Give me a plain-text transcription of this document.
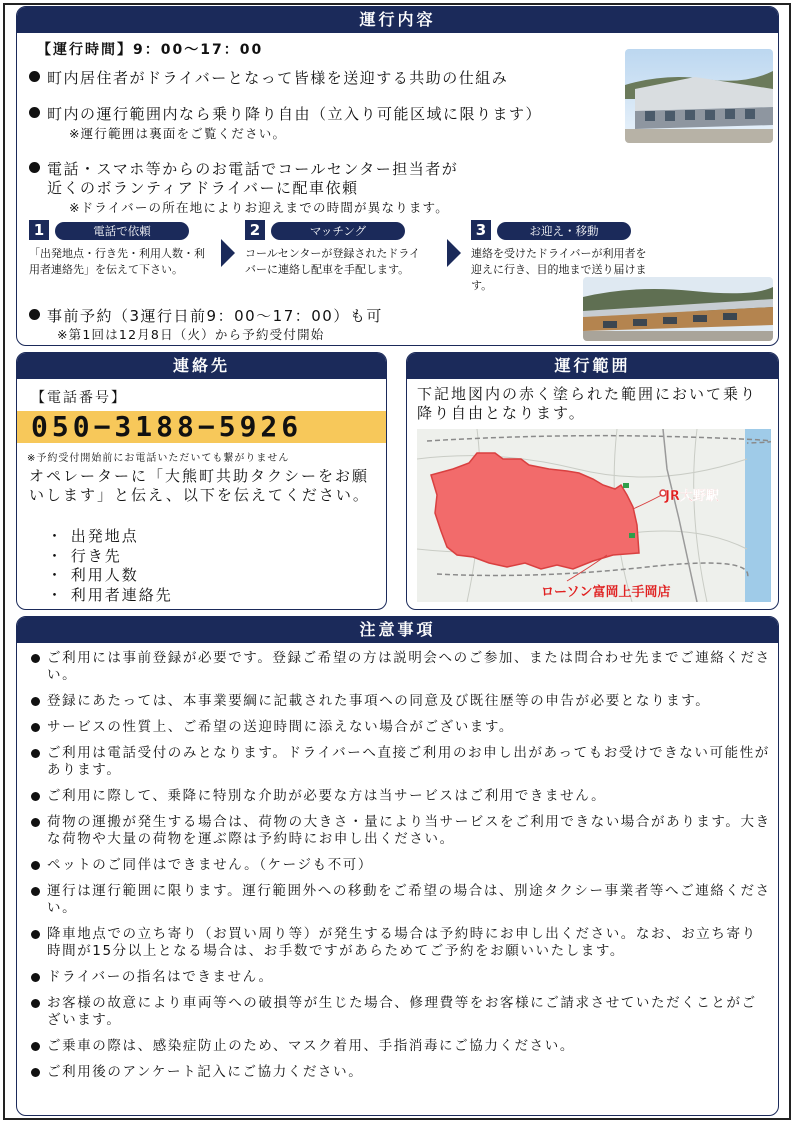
運行内容
【運行時間】9：00～17：00
町内居住者がドライバーとなって皆様を送迎する共助の仕組み
町内の運行範囲内なら乗り降り自由（立入り可能区域に限ります）
※運行範囲は裏面をご覧ください。
電話・スマホ等からのお電話でコールセンター担当者が
近くのボランティアドライバーに配車依頼
※ドライバーの所在地によりお迎えまでの時間が異なります。
1	電話で依頼
「出発地点・行き先・利用人数・利用者連絡先」を伝えて下さい。
2	マッチング
コールセンターが登録されたドライバーに連絡し配車を手配します。
3	お迎え・移動
連絡を受けたドライバーが利用者を迎えに行き、目的地まで送り届けます。
事前予約（3運行日前9：00～17：00）も可
※第1回は12月8日（火）から予約受付開始
連絡先
【電話番号】
050−3188−5926
※予約受付開始前にお電話いただいても繋がりません
オペレーターに「大熊町共助タクシーをお願いします」と伝え、以下を伝えてください。
・ 出発地点
・ 行き先
・ 利用人数
・ 利用者連絡先
運行範囲
下記地図内の赤く塗られた範囲において乗り降り自由となります。
JR大野駅
ローソン富岡上手岡店
注意事項
ご利用には事前登録が必要です。登録ご希望の方は説明会へのご参加、または問合わせ先までご連絡ください。
登録にあたっては、本事業要綱に記載された事項への同意及び既往歴等の申告が必要となります。
サービスの性質上、ご希望の送迎時間に添えない場合がございます。
ご利用は電話受付のみとなります。ドライバーへ直接ご利用のお申し出があってもお受けできない可能性があります。
ご利用に際して、乗降に特別な介助が必要な方は当サービスはご利用できません。
荷物の運搬が発生する場合は、荷物の大きさ・量により当サービスをご利用できない場合があります。大きな荷物や大量の荷物を運ぶ際は予約時にお申し出ください。
ペットのご同伴はできません。（ケージも不可）
運行は運行範囲に限ります。運行範囲外への移動をご希望の場合は、別途タクシー事業者等へご連絡ください。
降車地点での立ち寄り（お買い周り等）が発生する場合は予約時にお申し出ください。なお、お立ち寄り時間が15分以上となる場合は、お手数ですがあらためてご予約をお願いいたします。
ドライバーの指名はできません。
お客様の故意により車両等への破損等が生じた場合、修理費等をお客様にご請求させていただくことがございます。
ご乗車の際は、感染症防止のため、マスク着用、手指消毒にご協力ください。
ご利用後のアンケート記入にご協力ください。
